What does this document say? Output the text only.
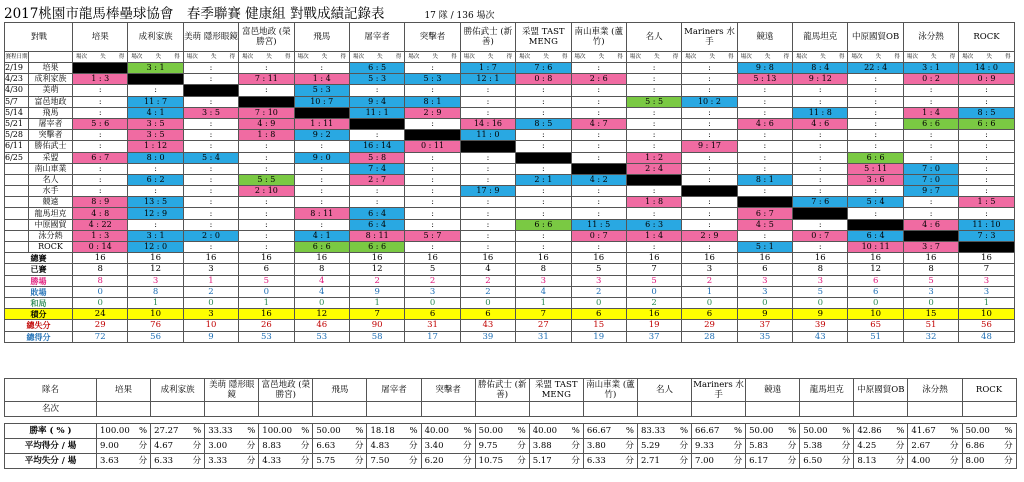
2017桃園市龍馬棒壘球協會　春季聯賽 健康組 對戰成績記錄表	17 隊 / 136 場次
對戰		培果	成利家族	美萌 隱形眼鏡	富邑地政 (榮勝宮)	飛馬	屠宰者	突擊者	勝佑武士 (新善)	采盟 TAST MENG	南山車業 (蘆竹)	名人	Mariners 水手	競遠	龍馬坦克	中原國貿OB	泳分熱	ROCK
賽程日期		場次 失 得	場次 失 得	場次 失 得	場次 失 得	場次 失 得	場次 失 得	場次 失 得	場次 失 得	場次 失 得	場次 失 得	場次 失 得	場次 失 得	場次 失 得	場次 失 得	場次 失 得	場次 失 得	場次 失 得

2/19	培果		3 : 1	:	:	:	6 : 5	:	1 : 7	7 : 6	:	:	:	9 : 8	8 : 4	22 : 4	3 : 1	14 : 0
4/23	成利家族	1 : 3		:	7 : 11	1 : 4	5 : 3	5 : 3	12 : 1	0 : 8	2 : 6	:	:	5 : 13	9 : 12	:	0 : 2	0 : 9
4/30	美萌	:	:		:	5 : 3	:	:	:	:	:	:	:	:	:	:	:	:
5/7	富邑地政	:	11 : 7	:		10 : 7	9 : 4	8 : 1	:	:	:	5 : 5	10 : 2	:	:	:	:	:
5/14	飛馬	:	4 : 1	3 : 5	7 : 10		11 : 1	2 : 9	:	:	:	:	:	:	11 : 8	:	1 : 4	8 : 5
5/21	屠宰者	5 : 6	3 : 5	:	4 : 9	1 : 11		:	14 : 16	8 : 5	4 : 7	:	:	4 : 6	4 : 6	:	6 : 6	6 : 6
5/28	突擊者	:	3 : 5	:	1 : 8	9 : 2	:		11 : 0	:	:	:	:	:	:	:	:	:
6/11	勝佑武士	:	1 : 12	:	:	:	16 : 14	0 : 11		:	:	:	9 : 17	:	:	:	:	:
6/25	采盟	6 : 7	8 : 0	5 : 4	:	9 : 0	5 : 8	:	:		:	1 : 2	:	:	:	6 : 6	:	:
	南山車業	:	:	:	:	:	7 : 4	:	:	:		2 : 4	:	:	:	5 : 11	7 : 0	:
	名人	:	6 : 2	:	5 : 5	:	2 : 7	:	:	2 : 1	4 : 2		:	8 : 1	:	3 : 6	7 : 0	:
	水手	:	:	:	2 : 10	:	:	:	17 : 9	:	:	:		:	:	:	9 : 7	:
	競遠	8 : 9	13 : 5	:	:	:	:	:	:	:	:	1 : 8	:		7 : 6	5 : 4	:	1 : 5
	龍馬坦克	4 : 8	12 : 9	:	:	8 : 11	6 : 4	:	:	:	:	:	:	6 : 7		:	:	:
	中原國貿	4 : 22	:	:	:	:	6 : 4	:	:	6 : 6	11 : 5	6 : 3	:	4 : 5	:		4 : 6	11 : 10
	泳分熱	1 : 3	3 : 1	2 : 0	:	4 : 1	8 : 11	5 : 7	:	:	0 : 7	1 : 4	2 : 9	:	0 : 7	6 : 4		7 : 3
	ROCK	0 : 14	12 : 0	:	:	6 : 6	6 : 6	:	:	:	:	:	:	5 : 1	:	10 : 11	3 : 7	
總賽		16	16	16	16	16	16	16	16	16	16	16	16	16	16	16	16	16
已賽		8	12	3	6	8	12	5	4	8	5	7	3	6	8	12	8	7
勝場		8	3	1	5	4	2	2	2	3	3	5	2	3	3	6	5	3
敗場		0	8	2	0	4	9	3	2	4	2	0	1	3	5	6	3	3
和局		0	1	0	1	0	1	0	0	1	0	2	0	0	0	0	0	1
積分		24	10	3	16	12	7	6	6	7	6	16	6	9	9	10	15	10
總失分		29	76	10	26	46	90	31	43	27	15	19	29	37	39	65	51	56
總得分		72	56	9	53	53	58	17	39	31	19	37	28	35	43	51	32	48
隊名	培果	成利家族	美萌 隱形眼鏡	富邑地政 (榮勝宮)	飛馬	屠宰者	突擊者	勝佑武士 (新善)	采盟 TAST MENG	南山車業 (蘆竹)	名人	Mariners 水手	競遠	龍馬坦克	中原國貿OB	泳分熱	ROCK
名次																	

勝率 ( % )	100.00 %	27.27 %	33.33 %	100.00 %	50.00 %	18.18 %	40.00 %	50.00 %	40.00 %	66.67 %	83.33 %	66.67 %	50.00 %	50.00 %	42.86 %	41.67 %	50.00 %

平均得分 / 場	9.00 分	4.67 分	3.00 分	8.83 分	6.63 分	4.83 分	3.40 分	9.75 分	3.88 分	3.80 分	5.29 分	9.33 分	5.83 分	5.38 分	4.25 分	2.67 分	6.86 分

平均失分 / 場	3.63 分	6.33 分	3.33 分	4.33 分	5.75 分	7.50 分	6.20 分	10.75 分	5.17 分	6.33 分	2.71 分	7.00 分	6.17 分	6.50 分	8.13 分	4.00 分	8.00 分
